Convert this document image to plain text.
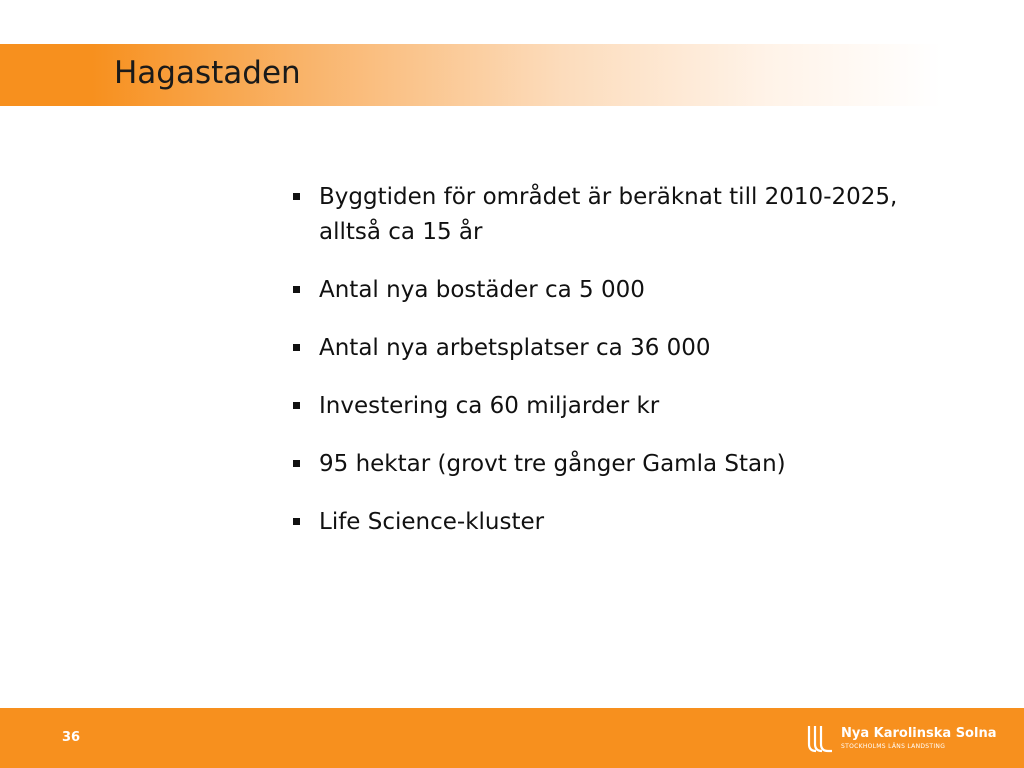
Hagastaden
Byggtiden för området är beräknat till 2010-2025, alltså ca 15 år
Antal nya bostäder ca 5 000
Antal nya arbetsplatser ca 36 000
Investering ca 60 miljarder kr
95 hektar (grovt tre gånger Gamla Stan)
Life Science-kluster
36	Nya Karolinska Solna
STOCKHOLMS LÄNS LANDSTING
